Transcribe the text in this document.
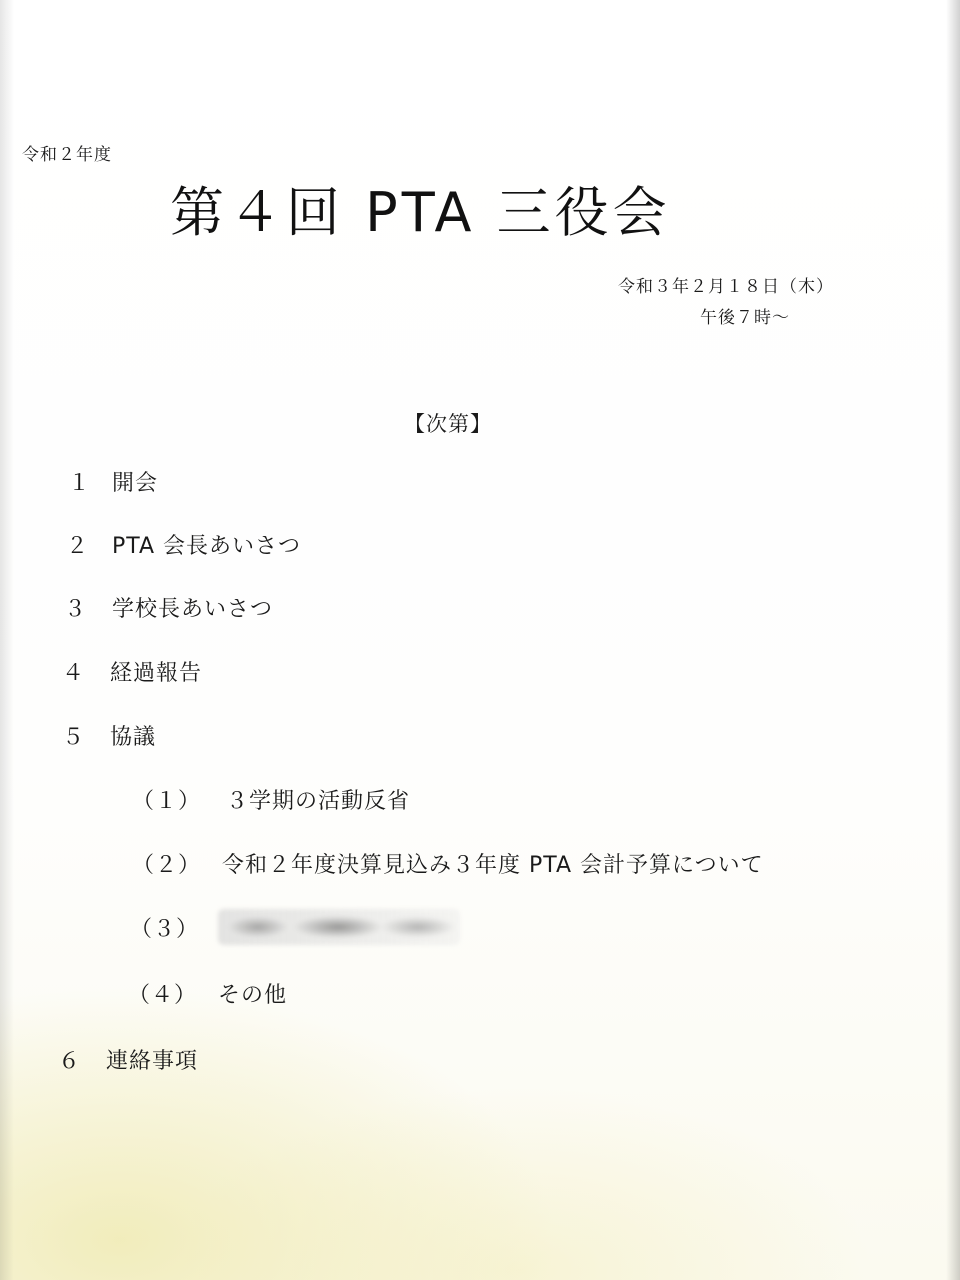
令和２年度
第４回 PTA 三役会
令和３年２月１８日（木）
午後７時～
【次第】
１ 開会
２ PTA 会長あいさつ
３ 学校長あいさつ
４ 経過報告
５ 協議
（１） ３学期の活動反省
（２） 令和２年度決算見込み３年度 PTA 会計予算について
（３）
（４） その他
６ 連絡事項
